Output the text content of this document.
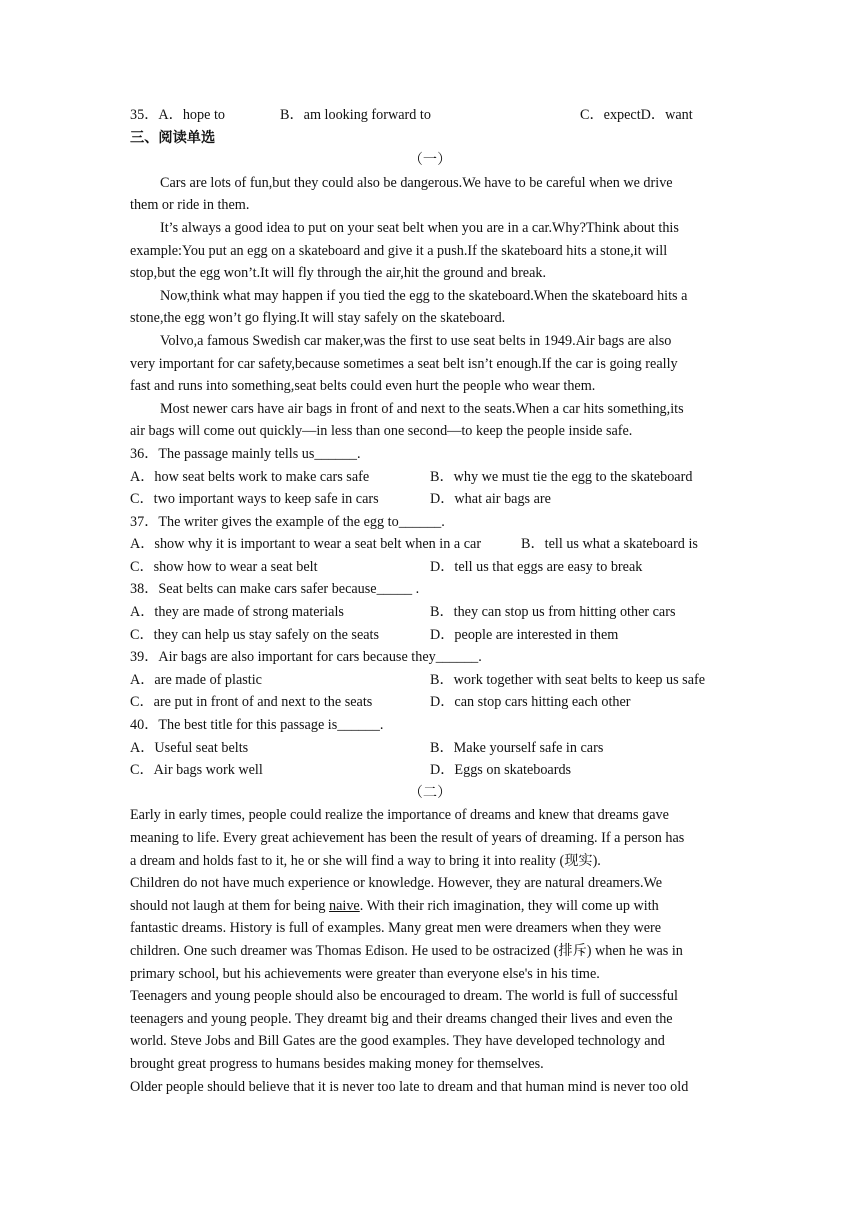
35．A．hope to	B．am looking forward to	C．expectD．want
三、阅读单选
（一）
Cars are lots of fun,but they could also be dangerous.We have to be careful when we drive
them or ride in them.
It’s always a good idea to put on your seat belt when you are in a car.Why?Think about this
example:You put an egg on a skateboard and give it a push.If the skateboard hits a stone,it will
stop,but the egg won’t.It will fly through the air,hit the ground and break.
Now,think what may happen if you tied the egg to the skateboard.When the skateboard hits a
stone,the egg won’t go flying.It will stay safely on the skateboard.
Volvo,a famous Swedish car maker,was the first to use seat belts in 1949.Air bags are also
very important for car safety,because sometimes a seat belt isn’t enough.If the car is going really
fast and runs into something,seat belts could even hurt the people who wear them.
Most newer cars have air bags in front of and next to the seats.When a car hits something,its
air bags will come out quickly—in less than one second—to keep the people inside safe.
36．The passage mainly tells us______.
A．how seat belts work to make cars safe	B．why we must tie the egg to the skateboard
C．two important ways to keep safe in cars	D．what air bags are
37．The writer gives the example of the egg to______.
A．show why it is important to wear a seat belt when in a car	B．tell us what a skateboard is
C．show how to wear a seat belt	D．tell us that eggs are easy to break
38．Seat belts can make cars safer because_____ .
A．they are made of strong materials	B．they can stop us from hitting other cars
C．they can help us stay safely on the seats	D．people are interested in them
39．Air bags are also important for cars because they______.
A．are made of plastic	B．work together with seat belts to keep us safe
C．are put in front of and next to the seats	D．can stop cars hitting each other
40．The best title for this passage is______.
A．Useful seat belts	B．Make yourself safe in cars
C．Air bags work well	D．Eggs on skateboards
（二）
Early in early times, people could realize the importance of dreams and knew that dreams gave
meaning to life. Every great achievement has been the result of years of dreaming. If a person has
a dream and holds fast to it, he or she will find a way to bring it into reality (现实).
Children do not have much experience or knowledge. However, they are natural dreamers.We
should not laugh at them for being naive. With their rich imagination, they will come up with
fantastic dreams. History is full of examples. Many great men were dreamers when they were
children. One such dreamer was Thomas Edison. He used to be ostracized (排斥) when he was in
primary school, but his achievements were greater than everyone else's in his time.
Teenagers and young people should also be encouraged to dream. The world is full of successful
teenagers and young people. They dreamt big and their dreams changed their lives and even the
world. Steve Jobs and Bill Gates are the good examples. They have developed technology and
brought great progress to humans besides making money for themselves.
Older people should believe that it is never too late to dream and that human mind is never too old
